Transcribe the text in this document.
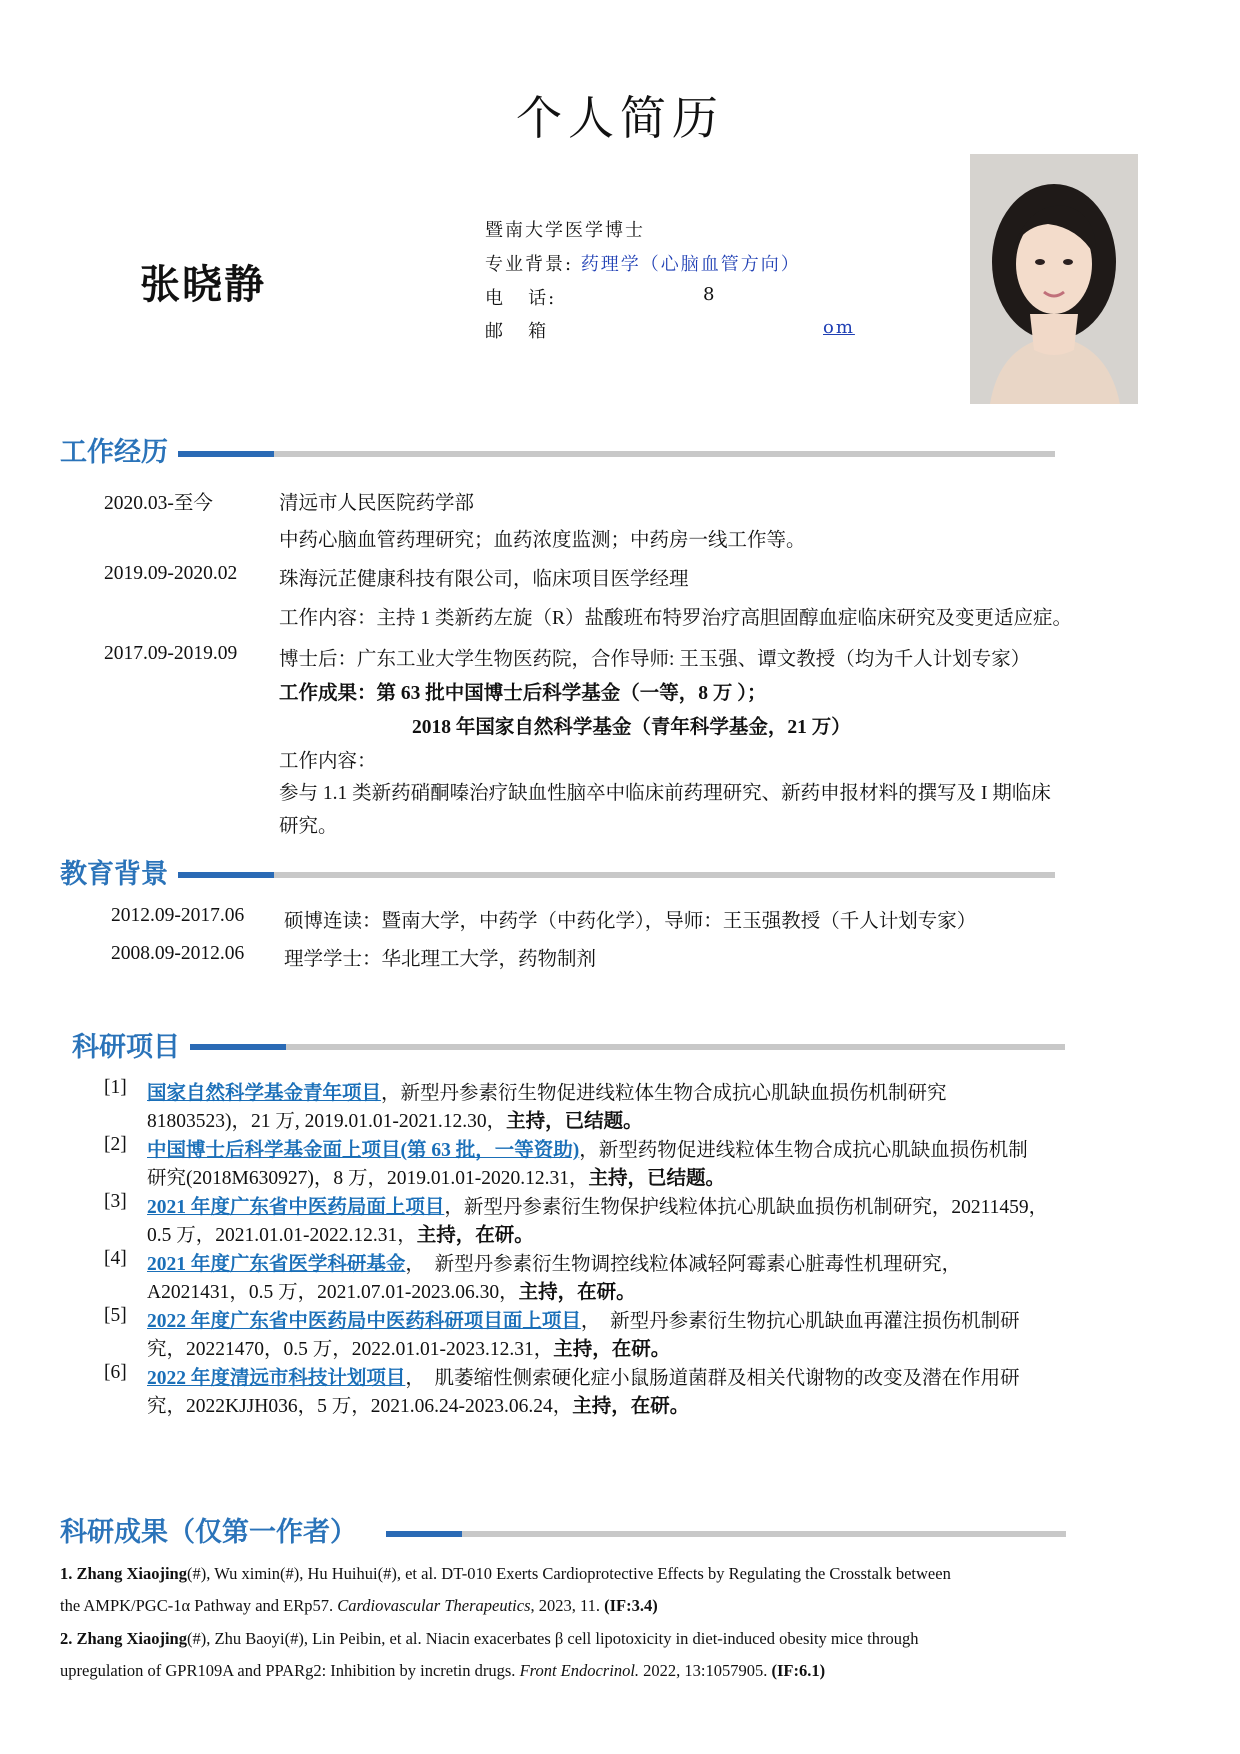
个人简历
张晓静
暨南大学医学博士
专业背景: 药理学（心脑血管方向）
电   话:	8
邮   箱	om
工作经历
2020.03-至今	清远市人民医院药学部
中药心脑血管药理研究；血药浓度监测；中药房一线工作等。
2019.09-2020.02 珠海沅芷健康科技有限公司，临床项目医学经理
工作内容：主持 1 类新药左旋（R）盐酸班布特罗治疗高胆固醇血症临床研究及变更适应症。
2017.09-2019.09 博士后：广东工业大学生物医药院，合作导师: 王玉强、谭文教授（均为千人计划专家）
工作成果：第 63 批中国博士后科学基金（一等，8 万 ）；
2018 年国家自然科学基金（青年科学基金，21 万）
工作内容：
参与 1.1 类新药硝酮嗪治疗缺血性脑卒中临床前药理研究、新药申报材料的撰写及 I 期临床
研究。
教育背景
2012.09-2017.06 硕博连读：暨南大学，中药学（中药化学），导师：王玉强教授（千人计划专家）
2008.09-2012.06 理学学士：华北理工大学，药物制剂
科研项目
[1] 国家自然科学基金青年项目，新型丹参素衍生物促进线粒体生物合成抗心肌缺血损伤机制研究
81803523)，21 万, 2019.01.01-2021.12.30，主持，已结题。
[2] 中国博士后科学基金面上项目(第 63 批，一等资助)，新型药物促进线粒体生物合成抗心肌缺血损伤机制
研究(2018M630927)，8 万，2019.01.01-2020.12.31，主持，已结题。
[3] 2021 年度广东省中医药局面上项目，新型丹参素衍生物保护线粒体抗心肌缺血损伤机制研究，20211459，
0.5 万，2021.01.01-2022.12.31，主持，在研。
[4] 2021 年度广东省医学科研基金，  新型丹参素衍生物调控线粒体减轻阿霉素心脏毒性机理研究，
A2021431，0.5 万，2021.07.01-2023.06.30，主持，在研。
[5] 2022 年度广东省中医药局中医药科研项目面上项目，  新型丹参素衍生物抗心肌缺血再灌注损伤机制研
究，20221470，0.5 万，2022.01.01-2023.12.31，主持，在研。
[6] 2022 年度清远市科技计划项目，  肌萎缩性侧索硬化症小鼠肠道菌群及相关代谢物的改变及潜在作用研
究，2022KJJH036，5 万，2021.06.24-2023.06.24，主持，在研。
科研成果（仅第一作者）
1. Zhang Xiaojing(#), Wu ximin(#), Hu Huihui(#), et al. DT-010 Exerts Cardioprotective Effects by Regulating the Crosstalk between
the AMPK/PGC-1α Pathway and ERp57. Cardiovascular Therapeutics, 2023, 11. (IF:3.4)
2. Zhang Xiaojing(#), Zhu Baoyi(#), Lin Peibin, et al. Niacin exacerbates β cell lipotoxicity in diet-induced obesity mice through
upregulation of GPR109A and PPARg2: Inhibition by incretin drugs. Front Endocrinol. 2022, 13:1057905. (IF:6.1)
